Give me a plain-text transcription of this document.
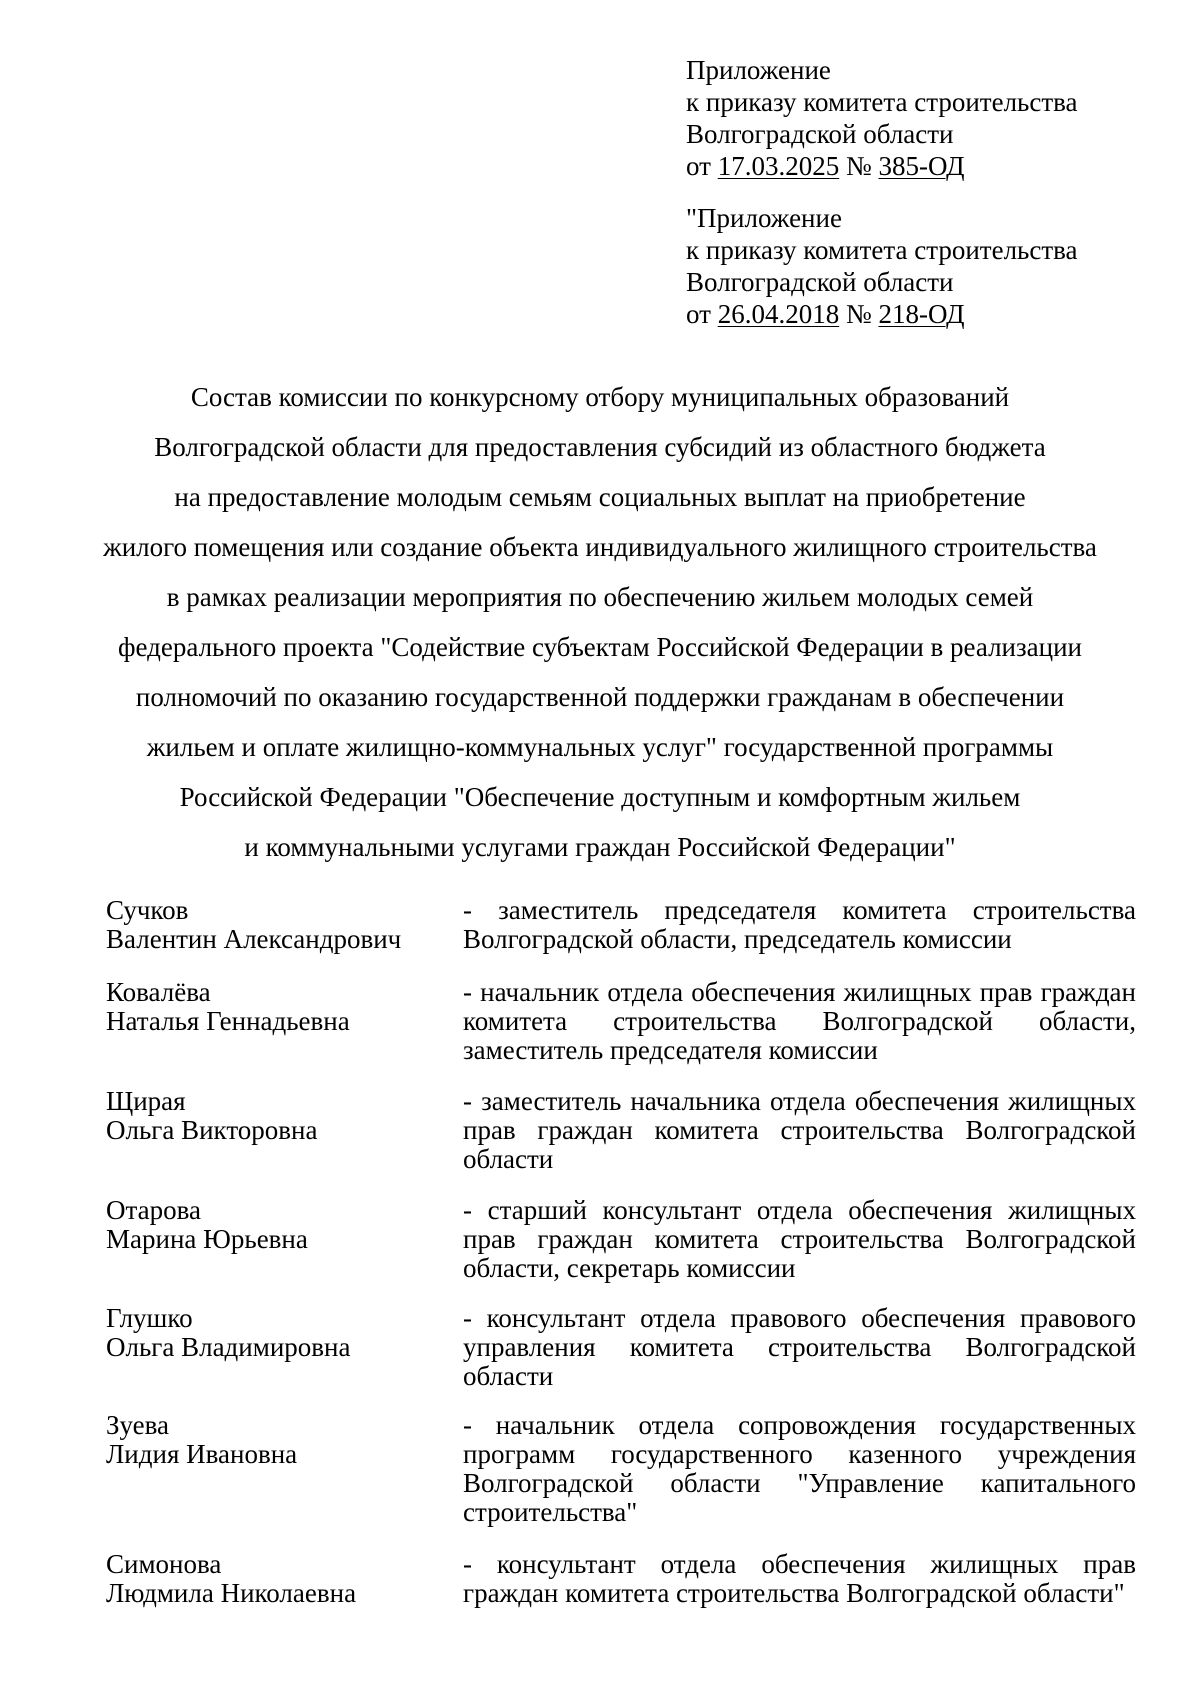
Приложение
к приказу комитета строительства
Волгоградской области
от 17.03.2025 № 385-ОД
"Приложение
к приказу комитета строительства
Волгоградской области
от 26.04.2018 № 218-ОД
Состав комиссии по конкурсному отбору муниципальных образований
Волгоградской области для предоставления субсидий из областного бюджета
на предоставление молодым семьям социальных выплат на приобретение
жилого помещения или создание объекта индивидуального жилищного строительства
в рамках реализации мероприятия по обеспечению жильем молодых семей
федерального проекта "Содействие субъектам Российской Федерации в реализации
полномочий по оказанию государственной поддержки гражданам в обеспечении
жильем и оплате жилищно-коммунальных услуг" государственной программы
Российской Федерации "Обеспечение доступным и комфортным жильем
и коммунальными услугами граждан Российской Федерации"
Сучков
Валентин Александрович
- заместитель председателя комитета строительства Волгоградской области, председатель комиссии
Ковалёва
Наталья Геннадьевна
- начальник отдела обеспечения жилищных прав граждан комитета строительства Волгоградской области, заместитель председателя комиссии
Щирая
Ольга Викторовна
- заместитель начальника отдела обеспечения жилищных прав граждан комитета строительства Волгоградской области
Отарова
Марина Юрьевна
- старший консультант отдела обеспечения жилищных прав граждан комитета строительства Волгоградской области, секретарь комиссии
Глушко
Ольга Владимировна
- консультант отдела правового обеспечения правового управления комитета строительства Волгоградской области
Зуева
Лидия Ивановна
- начальник отдела сопровождения государственных программ государственного казенного учреждения Волгоградской области "Управление капитального строительства"
Симонова
Людмила Николаевна
- консультант отдела обеспечения жилищных прав граждан комитета строительства Волгоградской области"
